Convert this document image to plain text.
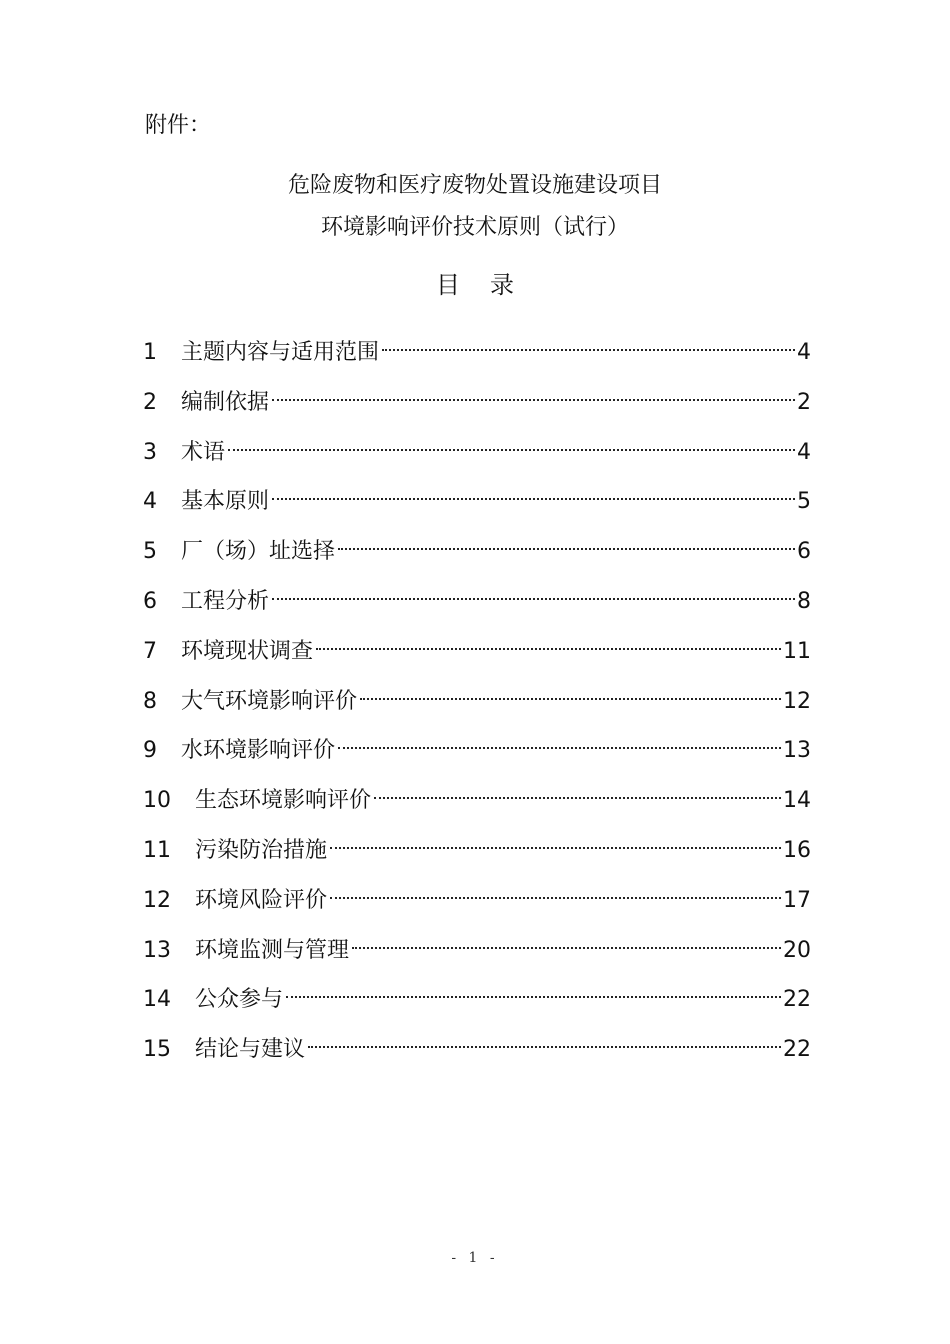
附件：
危险废物和医疗废物处置设施建设项目
环境影响评价技术原则（试行）
目录
1	主题内容与适用范围	4
2	编制依据	2
3	术语	4
4	基本原则	5
5	厂（场）址选择	6
6	工程分析	8
7	环境现状调查	11
8	大气环境影响评价	12
9	水环境影响评价	13
10	生态环境影响评价	14
11	污染防治措施	16
12	环境风险评价	17
13	环境监测与管理	20
14	公众参与	22
15	结论与建议	22
- 1 -
